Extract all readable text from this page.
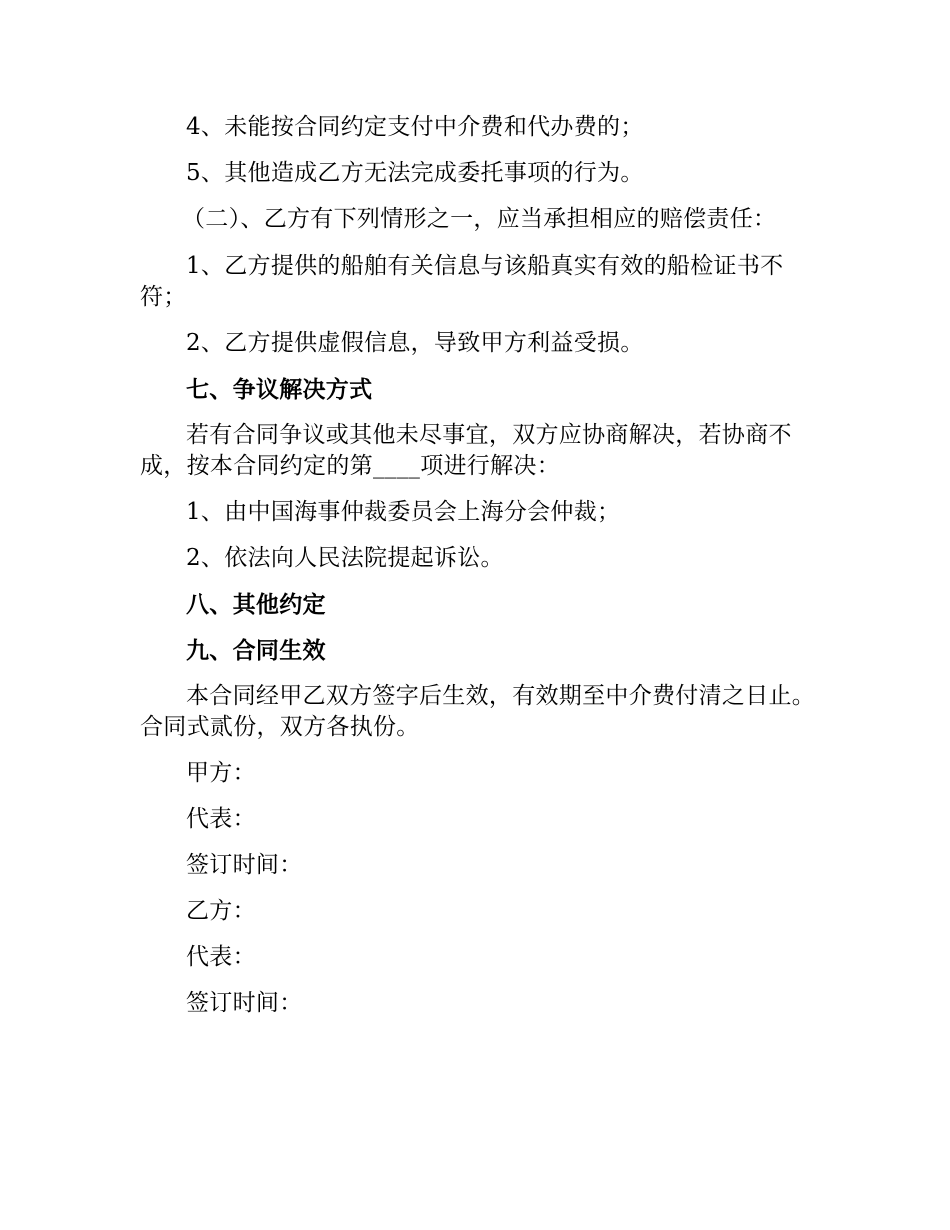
4、未能按合同约定支付中介费和代办费的；

5、其他造成乙方无法完成委托事项的行为。

（二）、乙方有下列情形之一，应当承担相应的赔偿责任：

1、乙方提供的船舶有关信息与该船真实有效的船检证书不符；

2、乙方提供虚假信息，导致甲方利益受损。

七、争议解决方式

若有合同争议或其他未尽事宜，双方应协商解决，若协商不成，按本合同约定的第____项进行解决：

1、由中国海事仲裁委员会上海分会仲裁；

2、依法向人民法院提起诉讼。

八、其他约定

九、合同生效

本合同经甲乙双方签字后生效，有效期至中介费付清之日止。合同式贰份，双方各执份。

甲方：

代表：

签订时间：

乙方：

代表：

签订时间：
